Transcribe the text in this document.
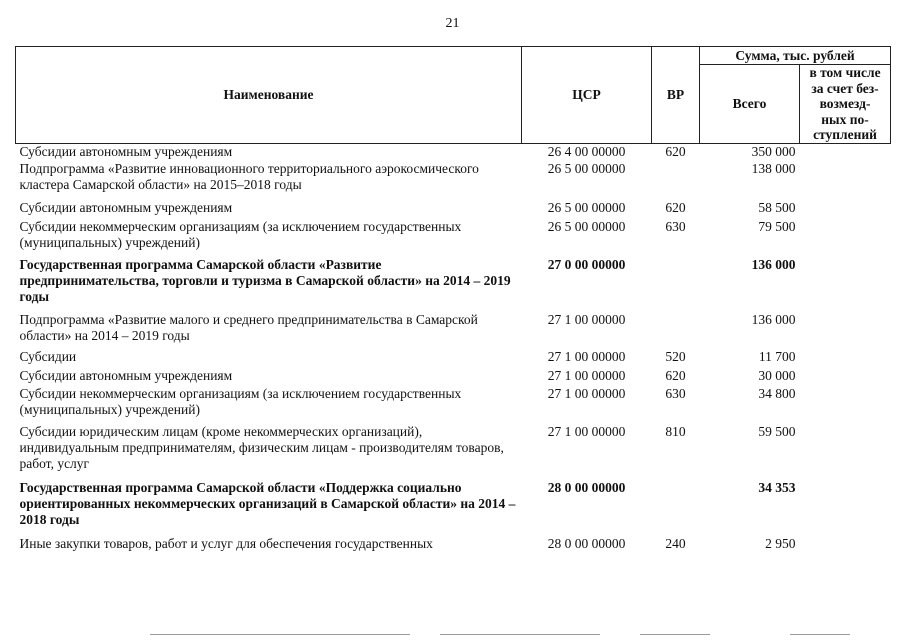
21
Наименование	ЦСР	ВР	Сумма, тыс. рублей	
			Всего	в том числе
за счет без-
возмезд-
ных по-
ступлений

Субсидии автономным учреждениям	26 4 00 00000	620	350 000	
Подпрограмма «Развитие инновационного территориального аэрокосмического кластера Самарской области» на 2015–2018 годы	26 5 00 00000		138 000	
Субсидии автономным учреждениям	26 5 00 00000	620	58 500	
Субсидии некоммерческим организациям (за исключением государственных (муниципальных) учреждений)	26 5 00 00000	630	79 500	
Государственная программа Самарской области «Развитие предпринимательства, торговли и туризма в Самарской области» на 2014 – 2019 годы	27 0 00 00000		136 000	
Подпрограмма «Развитие малого и среднего предпринимательства в Самарской области» на 2014 – 2019 годы	27 1 00 00000		136 000	
Субсидии	27 1 00 00000	520	11 700	
Субсидии автономным учреждениям	27 1 00 00000	620	30 000	
Субсидии некоммерческим организациям (за исключением государственных (муниципальных) учреждений)	27 1 00 00000	630	34 800	
Субсидии юридическим лицам (кроме некоммерческих организаций), индивидуальным предпринимателям, физическим лицам - производителям товаров, работ, услуг	27 1 00 00000	810	59 500	
Государственная программа Самарской области «Поддержка социально ориентированных некоммерческих организаций в Самарской области» на 2014 – 2018 годы	28 0 00 00000		34 353	
Иные закупки товаров, работ и услуг для обеспечения государственных	28 0 00 00000	240	2 950	
